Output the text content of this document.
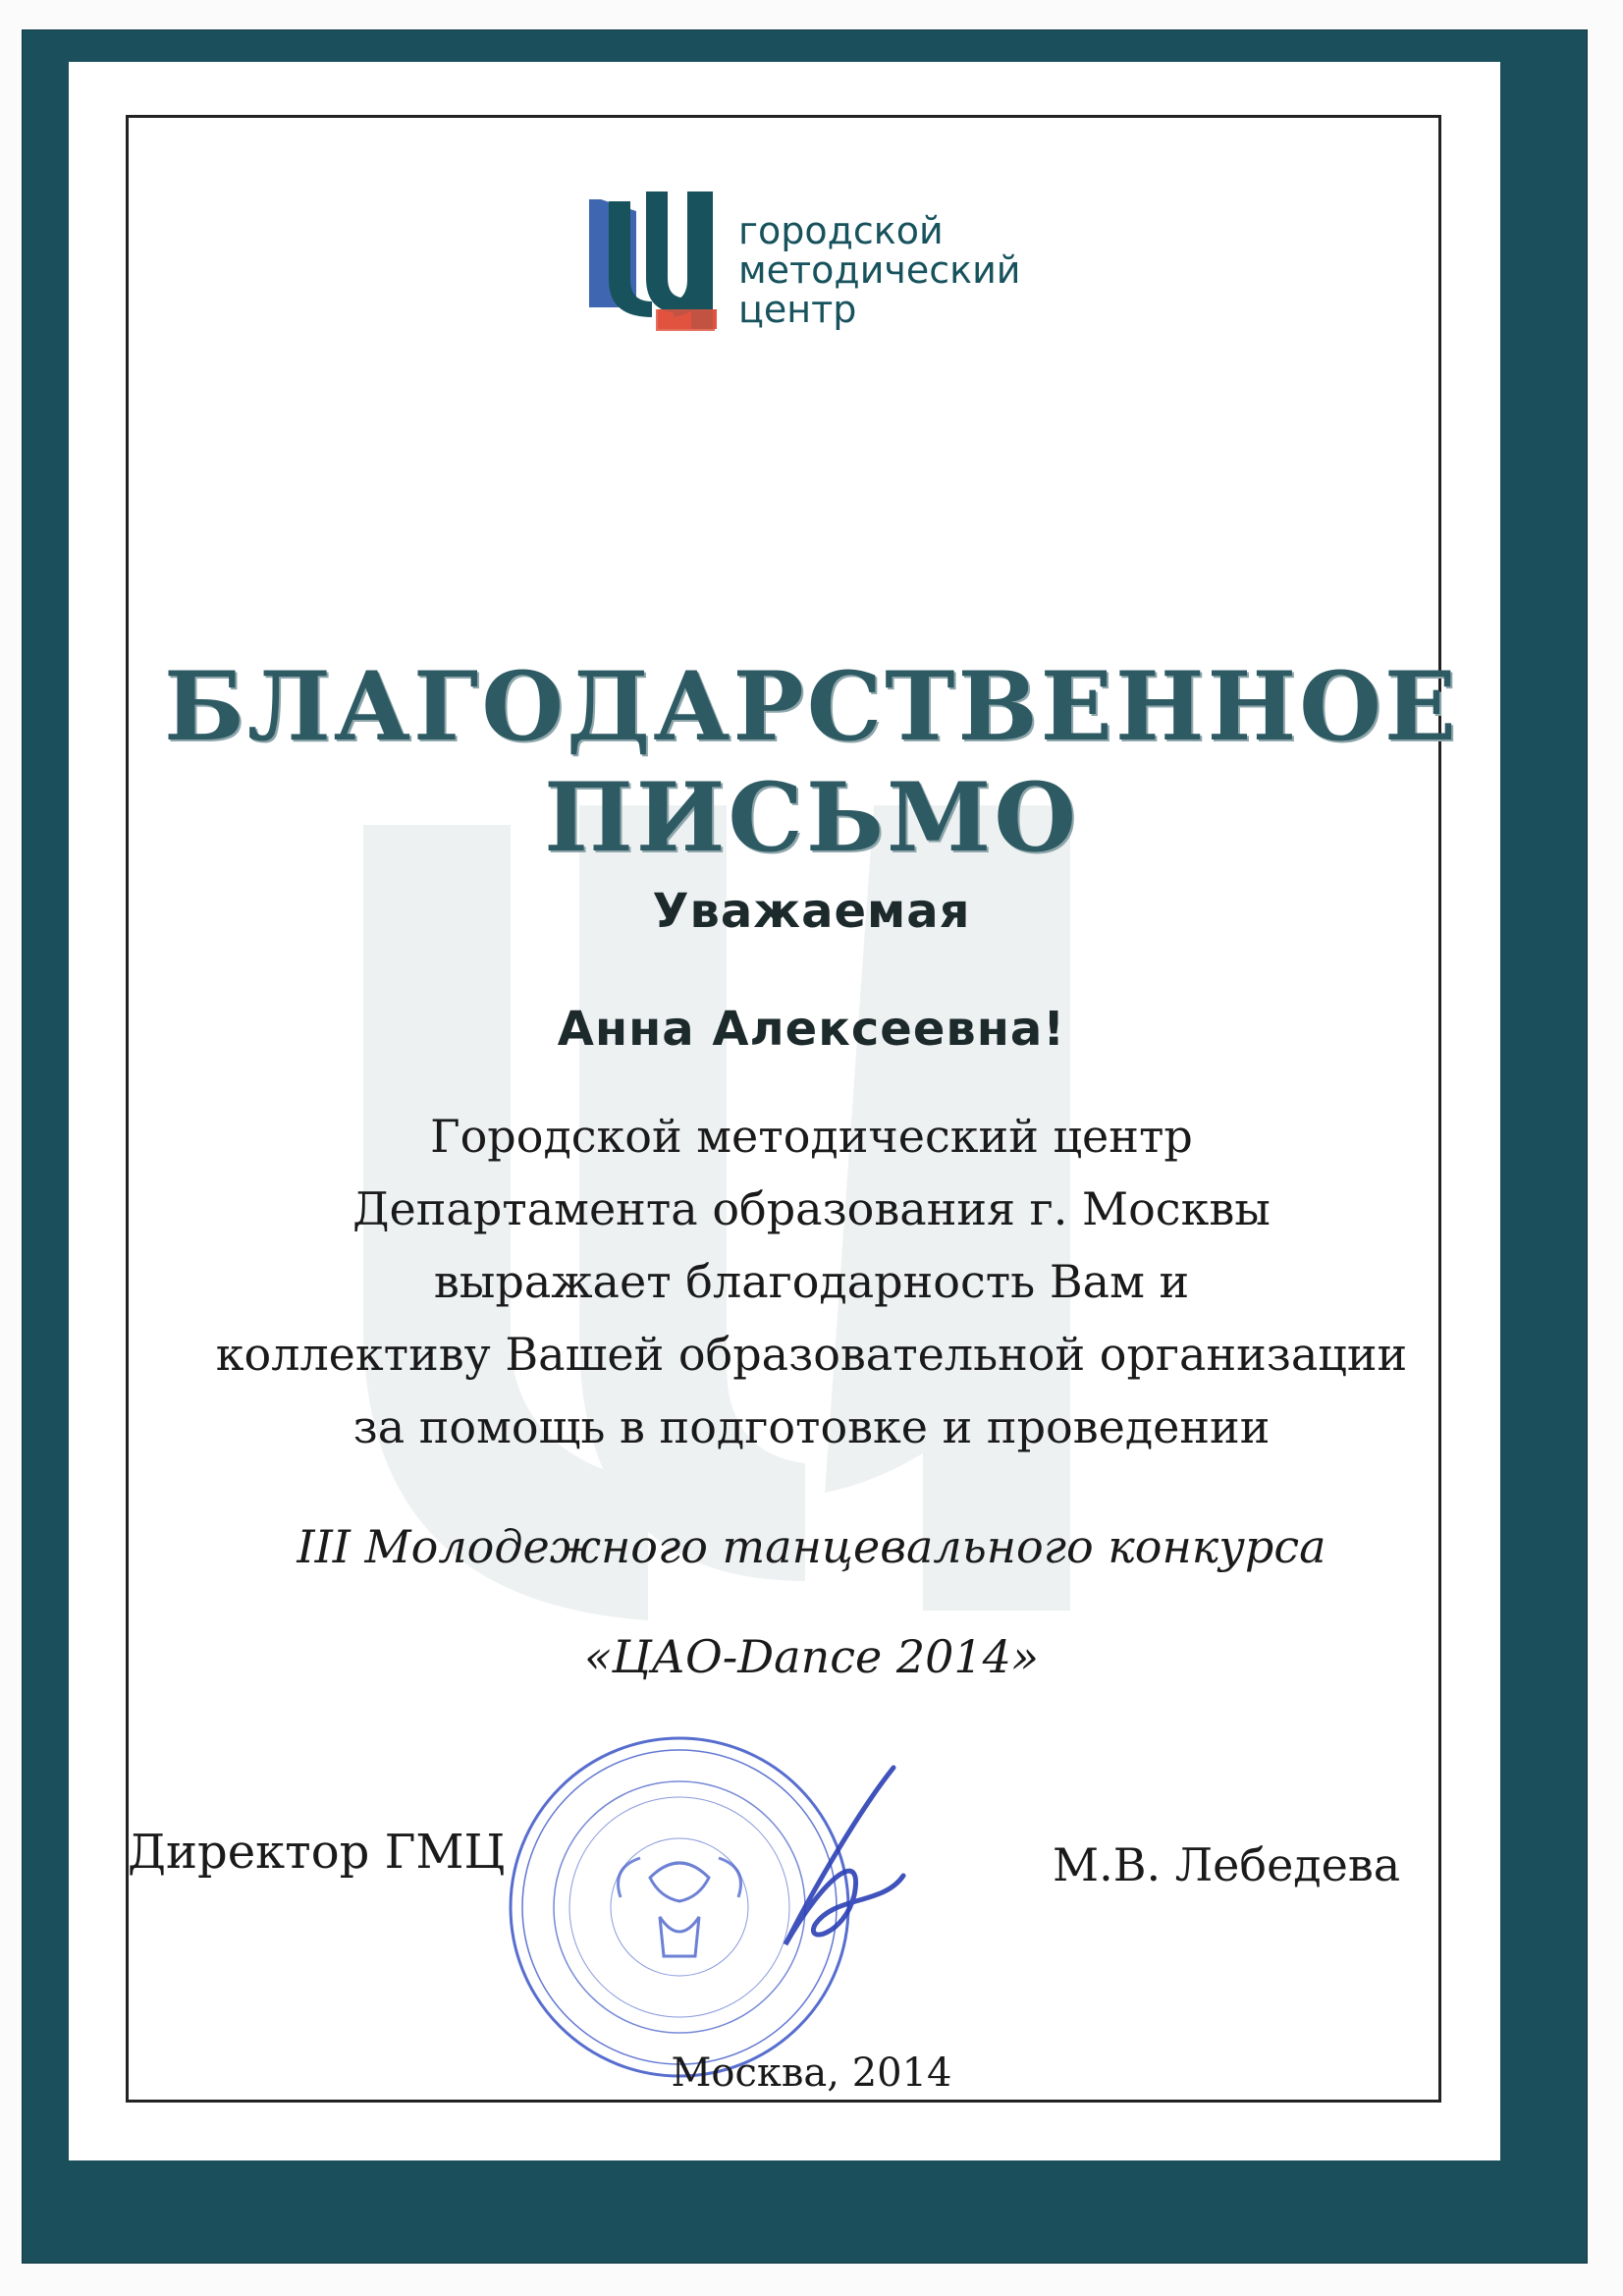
городской
методический
центр
БЛАГОДАРСТВЕННОЕ
ПИСЬМО
Уважаемая
Анна Алексеевна!
Городской методический центр
Департамента образования г. Москвы
выражает благодарность Вам и
коллективу Вашей образовательной организации
за помощь в подготовке и проведении
III Молодежного танцевального конкурса
«ЦАО-Dance 2014»
Директор ГМЦ	М.В. Лебедева
Москва, 2014
